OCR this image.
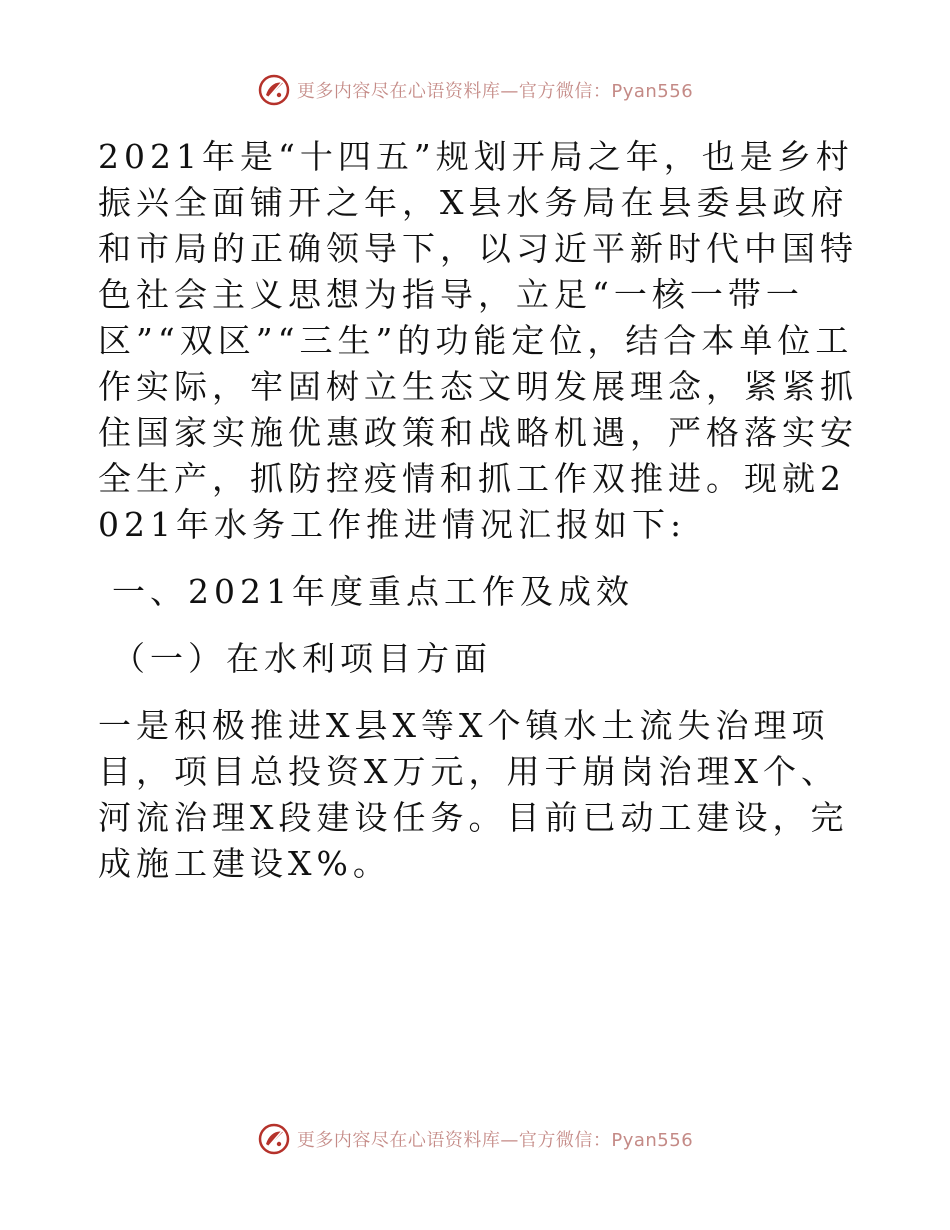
更多内容尽在心语资料库—官方微信：Pyan556

2021年是“十四五”规划开局之年，也是乡村振兴全面铺开之年，X县水务局在县委县政府和市局的正确领导下，以习近平新时代中国特色社会主义思想为指导，立足“一核一带一区”“双区”“三生”的功能定位，结合本单位工作实际，牢固树立生态文明发展理念，紧紧抓住国家实施优惠政策和战略机遇，严格落实安全生产，抓防控疫情和抓工作双推进。现就2021年水务工作推进情况汇报如下:

一、2021年度重点工作及成效

（一）在水利项目方面

一是积极推进X县X等X个镇水土流失治理项目，项目总投资X万元，用于崩岗治理X个、河流治理X段建设任务。目前已动工建设，完成施工建设X%。

更多内容尽在心语资料库—官方微信：Pyan556
